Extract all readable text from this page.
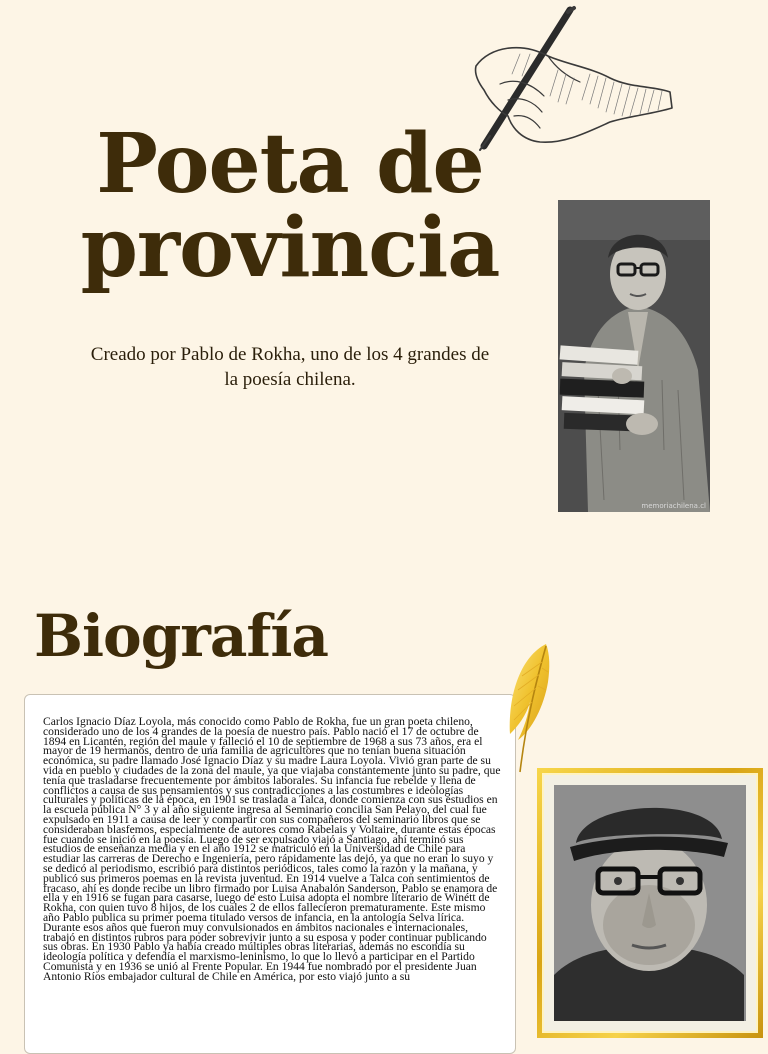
Poeta de provincia

Creado por Pablo de Rokha, uno de los 4 grandes de la poesía chilena.

memoriachilena.cl
Biografía

Carlos Ignacio Díaz Loyola, más conocido como Pablo de Rokha, fue un gran poeta chileno, considerado uno de los 4 grandes de la poesía de nuestro país. Pablo nació el 17 de octubre de 1894 en Licantén, región del maule y falleció el 10 de septiembre de 1968 a sus 73 años, era el mayor de 19 hermanos, dentro de una familia de agricultores que no tenían buena situación económica, su padre llamado José Ignacio Díaz y su madre Laura Loyola. Vivió gran parte de su vida en pueblo y ciudades de la zona del maule, ya que viajaba constantemente junto su padre, que tenía que trasladarse frecuentemente por ámbitos laborales. Su infancia fue rebelde y llena de conflictos a causa de sus pensamientos y sus contradicciones a las costumbres e ideologías culturales y políticas de la época, en 1901 se traslada a Talca, donde comienza con sus estudios en la escuela pública N° 3 y al año siguiente ingresa al Seminario concilia San Pelayo, del cual fue expulsado en 1911 a causa de leer y compartir con sus compañeros del seminario libros que se consideraban blasfemos, especialmente de autores como Rabelais y Voltaire, durante estas épocas fue cuando se inició en la poesía. Luego de ser expulsado viajó a Santiago, ahí terminó sus estudios de enseñanza media y en el año 1912 se matriculó en la Universidad de Chile para estudiar las carreras de Derecho e Ingeniería, pero rápidamente las dejó, ya que no eran lo suyo y se dedicó al periodismo, escribió para distintos periódicos, tales como la razón y la mañana, y publicó sus primeros poemas en la revista juventud. En 1914 vuelve a Talca con sentimientos de fracaso, ahí es donde recibe un libro firmado por Luisa Anabalón Sanderson, Pablo se enamora de ella y en 1916 se fugan para casarse, luego de esto Luisa adopta el nombre literario de Winétt de Rokha, con quien tuvo 8 hijos, de los cuales 2 de ellos fallecieron prematuramente. Este mismo año Pablo publica su primer poema titulado versos de infancia, en la antología Selva lírica. Durante esos años que fueron muy convulsionados en ámbitos nacionales e internacionales, trabajó en distintos rubros para poder sobrevivir junto a su esposa y poder continuar publicando sus obras. En 1930 Pablo ya había creado múltiples obras literarias, además no escondía su ideología política y defendía el marxismo-leninismo, lo que lo llevó a participar en el Partido Comunista y en 1936 se unió al Frente Popular. En 1944 fue nombrado por el presidente Juan Antonio Ríos embajador cultural de Chile en América, por esto viajó junto a su
